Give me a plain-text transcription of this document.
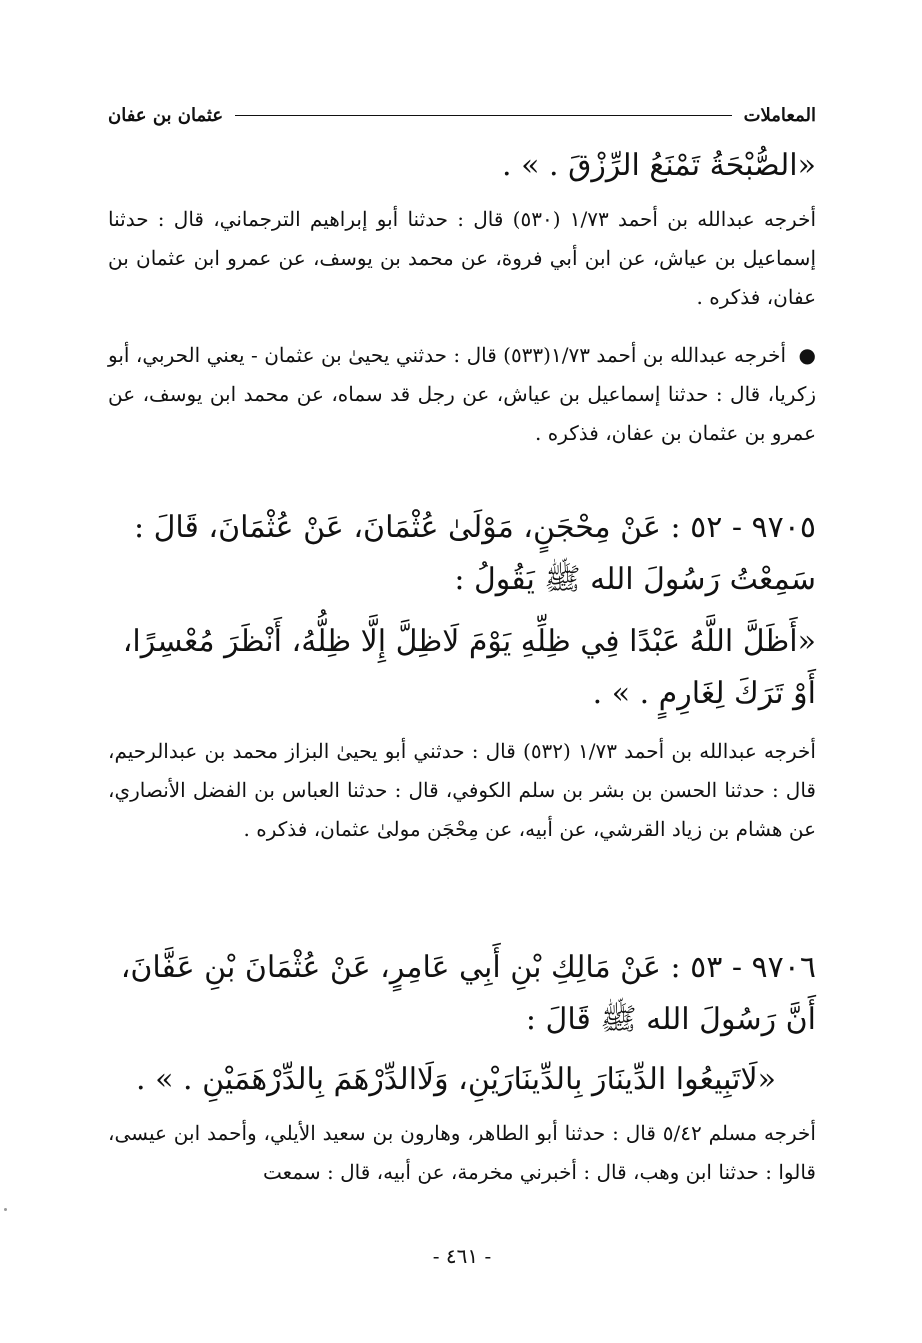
المعاملات
عثمان بن عفان
«الصُّبْحَةُ تَمْنَعُ الرِّزْقَ . » .
أخرجه عبدالله بن أحمد ١/٧٣ (٥٣٠) قال : حدثنا أبو إبراهيم الترجماني، قال : حدثنا إسماعيل بن عياش، عن ابن أبي فروة، عن محمد بن يوسف، عن عمرو ابن عثمان بن عفان، فذكره .
● أخرجه عبدالله بن أحمد ١/٧٣(٥٣٣) قال : حدثني يحيىٰ بن عثمان - يعني الحربي، أبو زكريا، قال : حدثنا إسماعيل بن عياش، عن رجل قد سماه، عن محمد ابن يوسف، عن عمرو بن عثمان بن عفان، فذكره .
٩٧٠٥ - ٥٢ : عَنْ مِحْجَنٍ، مَوْلَىٰ عُثْمَانَ، عَنْ عُثْمَانَ، قَالَ : سَمِعْتُ رَسُولَ الله ﷺ يَقُولُ :
«أَظَلَّ اللَّهُ عَبْدًا فِي ظِلِّهِ يَوْمَ لَاظِلَّ إِلَّا ظِلُّهُ، أَنْظَرَ مُعْسِرًا، أَوْ تَرَكَ لِغَارِمٍ . » .
أخرجه عبدالله بن أحمد ١/٧٣ (٥٣٢) قال : حدثني أبو يحيىٰ البزاز محمد بن عبدالرحيم، قال : حدثنا الحسن بن بشر بن سلم الكوفي، قال : حدثنا العباس بن الفضل الأنصاري، عن هشام بن زياد القرشي، عن أبيه، عن مِحْجَن مولىٰ عثمان، فذكره .
٩٧٠٦ - ٥٣ : عَنْ مَالِكِ بْنِ أَبِي عَامِرٍ، عَنْ عُثْمَانَ بْنِ عَفَّانَ، أَنَّ رَسُولَ الله ﷺ قَالَ :
«لَاتَبِيعُوا الدِّينَارَ بِالدِّينَارَيْنِ، وَلَاالدِّرْهَمَ بِالدِّرْهَمَيْنِ . » .
أخرجه مسلم ٥/٤٢ قال : حدثنا أبو الطاهر، وهارون بن سعيد الأيلي، وأحمد ابن عيسى، قالوا : حدثنا ابن وهب، قال : أخبرني مخرمة، عن أبيه، قال : سمعت
- ٤٦١ -
